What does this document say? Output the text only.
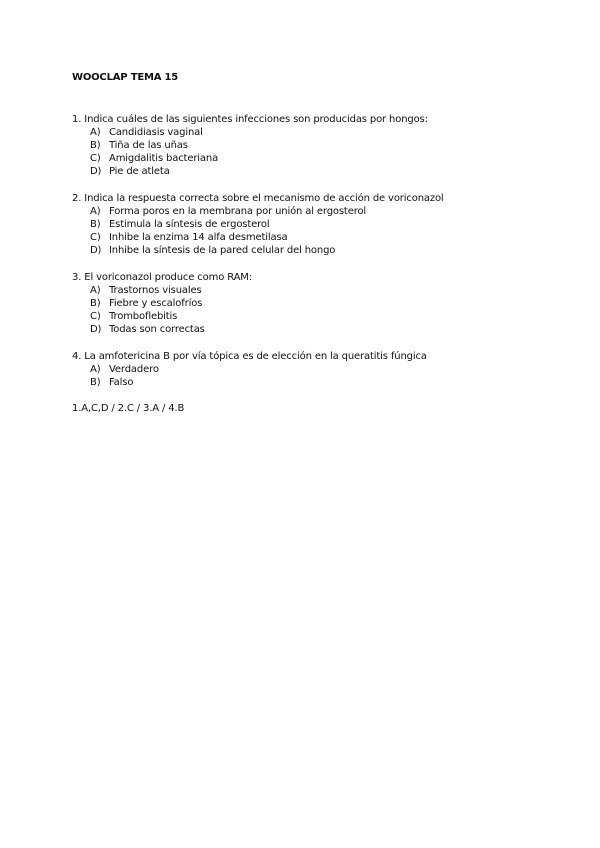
WOOCLAP TEMA 15
1. Indica cuáles de las siguientes infecciones son producidas por hongos:
A) Candidiasis vaginal
B) Tiña de las uñas
C) Amigdalitis bacteriana
D) Pie de atleta
2. Indica la respuesta correcta sobre el mecanismo de acción de voriconazol
A) Forma poros en la membrana por unión al ergosterol
B) Estimula la síntesis de ergosterol
C) Inhibe la enzima 14 alfa desmetilasa
D) Inhibe la síntesis de la pared celular del hongo
3. El voriconazol produce como RAM:
A) Trastornos visuales
B) Fiebre y escalofríos
C) Tromboflebitis
D) Todas son correctas
4. La amfotericina B por vía tópica es de elección en la queratitis fúngica
A) Verdadero
B) Falso
1.A,C,D / 2.C / 3.A / 4.B
